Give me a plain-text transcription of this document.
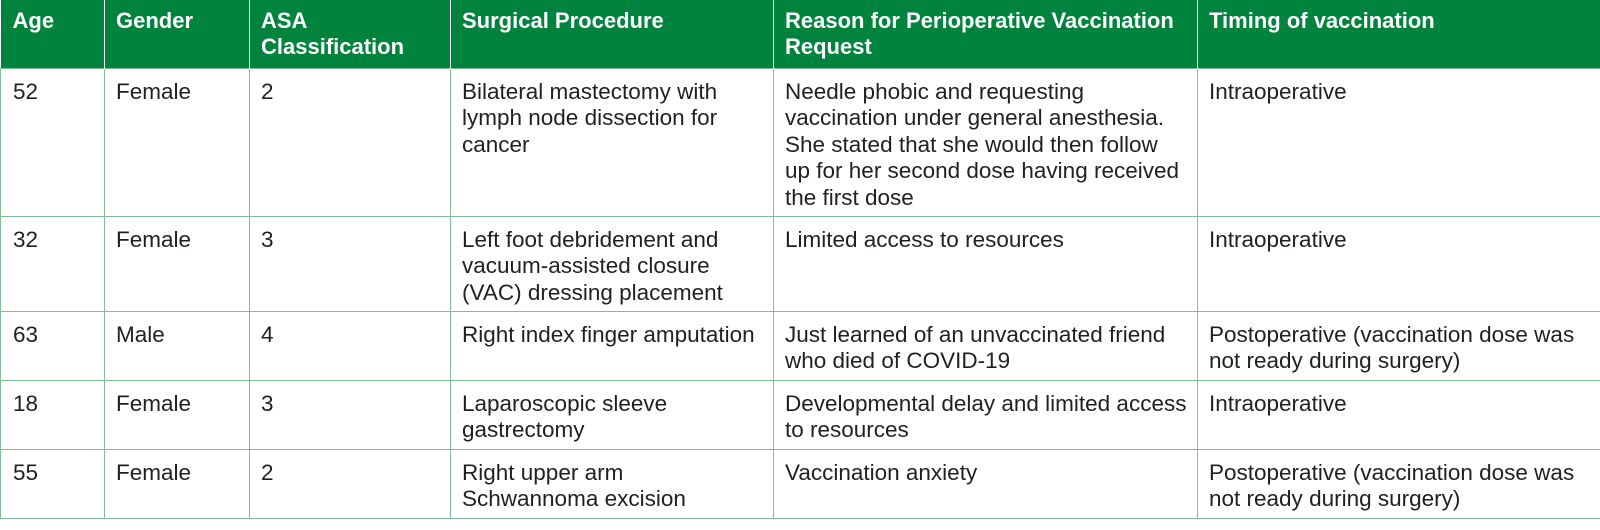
Age	Gender	ASA Classification	Surgical Procedure	Reason for Perioperative Vaccination Request	Timing of vaccination
52	Female	2	Bilateral mastectomy with lymph node dissection for cancer	Needle phobic and requesting vaccination under general anesthesia. She stated that she would then follow up for her second dose having received the first dose	Intraoperative
32	Female	3	Left foot debridement and vacuum-assisted closure (VAC) dressing placement	Limited access to resources	Intraoperative
63	Male	4	Right index finger amputation	Just learned of an unvaccinated friend who died of COVID-19	Postoperative (vaccination dose was not ready during surgery)
18	Female	3	Laparoscopic sleeve gastrectomy	Developmental delay and limited access to resources	Intraoperative
55	Female	2	Right upper arm Schwannoma excision	Vaccination anxiety	Postoperative (vaccination dose was not ready during surgery)
